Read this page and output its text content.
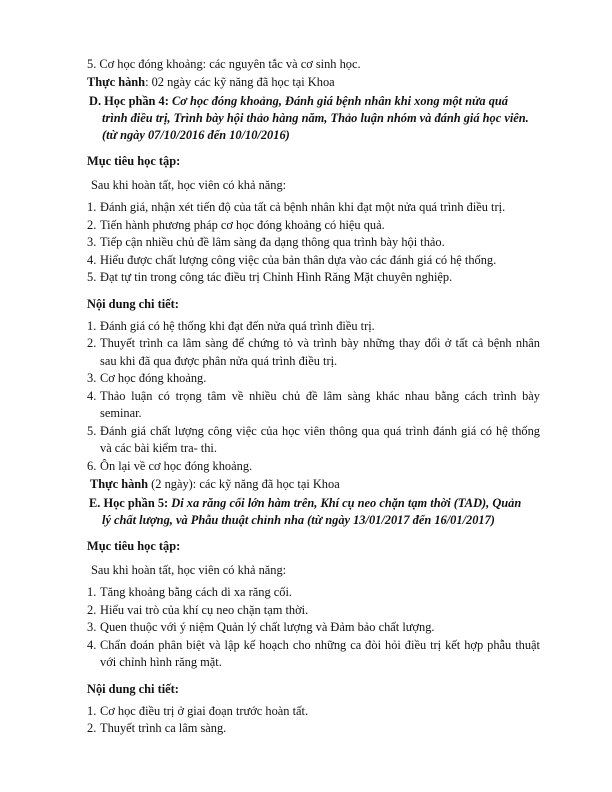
5. Cơ học đóng khoảng: các nguyên tắc và cơ sinh học.

Thực hành: 02 ngày các kỹ năng đã học tại Khoa

D. Học phần 4: Cơ học đóng khoảng, Đánh giá bệnh nhân khi xong một nửa quá
trình điều trị, Trình bày hội thảo hàng năm, Thảo luận nhóm và đánh giá học viên.
(từ ngày 07/10/2016 đến 10/10/2016)

Mục tiêu học tập:

Sau khi hoàn tất, học viên có khả năng:

1. Đánh giá, nhận xét tiến độ của tất cả bệnh nhân khi đạt một nửa quá trình điều trị.
2. Tiến hành phương pháp cơ học đóng khoảng có hiệu quả.
3. Tiếp cận nhiều chủ đề lâm sàng đa dạng thông qua trình bày hội thảo.
4. Hiểu được chất lượng công việc của bản thân dựa vào các đánh giá có hệ thống.
5. Đạt tự tin trong công tác điều trị Chỉnh Hình Răng Mặt chuyên nghiệp.

Nội dung chi tiết:

1. Đánh giá có hệ thống khi đạt đến nửa quá trình điều trị.
2. Thuyết trình ca lâm sàng để chứng tỏ và trình bày những thay đổi ở tất cả bệnh nhân
sau khi đã qua được phân nửa quá trình điều trị.
3. Cơ học đóng khoảng.
4. Thảo luận có trọng tâm về nhiều chủ đề lâm sàng khác nhau bằng cách trình bày
seminar.
5. Đánh giá chất lượng công việc của học viên thông qua quá trình đánh giá có hệ thống
và các bài kiểm tra- thi.
6. Ôn lại về cơ học đóng khoảng.

Thực hành (2 ngày): các kỹ năng đã học tại Khoa

E. Học phần 5: Di xa răng cối lớn hàm trên, Khí cụ neo chặn tạm thời (TAD), Quản
lý chất lượng, và Phẫu thuật chỉnh nha (từ ngày 13/01/2017 đến 16/01/2017)

Mục tiêu học tập:

Sau khi hoàn tất, học viên có khả năng:

1. Tăng khoảng bằng cách di xa răng cối.
2. Hiểu vai trò của khí cụ neo chặn tạm thời.
3. Quen thuộc với ý niệm Quản lý chất lượng và Đảm bảo chất lượng.
4. Chẩn đoán phân biệt và lập kế hoạch cho những ca đòi hỏi điều trị kết hợp phẫu thuật
với chỉnh hình răng mặt.

Nội dung chi tiết:

1. Cơ học điều trị ở giai đoạn trước hoàn tất.
2. Thuyết trình ca lâm sàng.
